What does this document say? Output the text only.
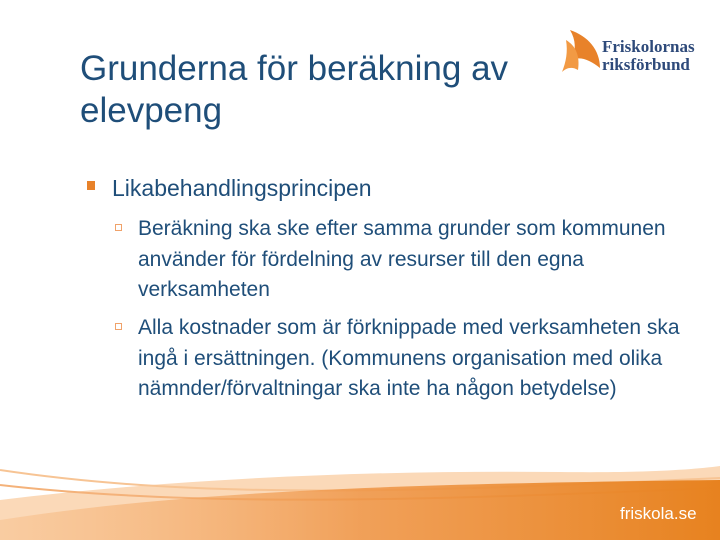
friskola.se
Grunderna för beräkning av elevpeng
Friskolornas
riksförbund
Likabehandlingsprincipen
Beräkning ska ske efter samma grunder som kommunen använder för fördelning av resurser till den egna verksamheten
Alla kostnader som är förknippade med verksamheten ska ingå i ersättningen. (Kommunens organisation med olika nämnder/förvaltningar ska inte ha någon betydelse)
